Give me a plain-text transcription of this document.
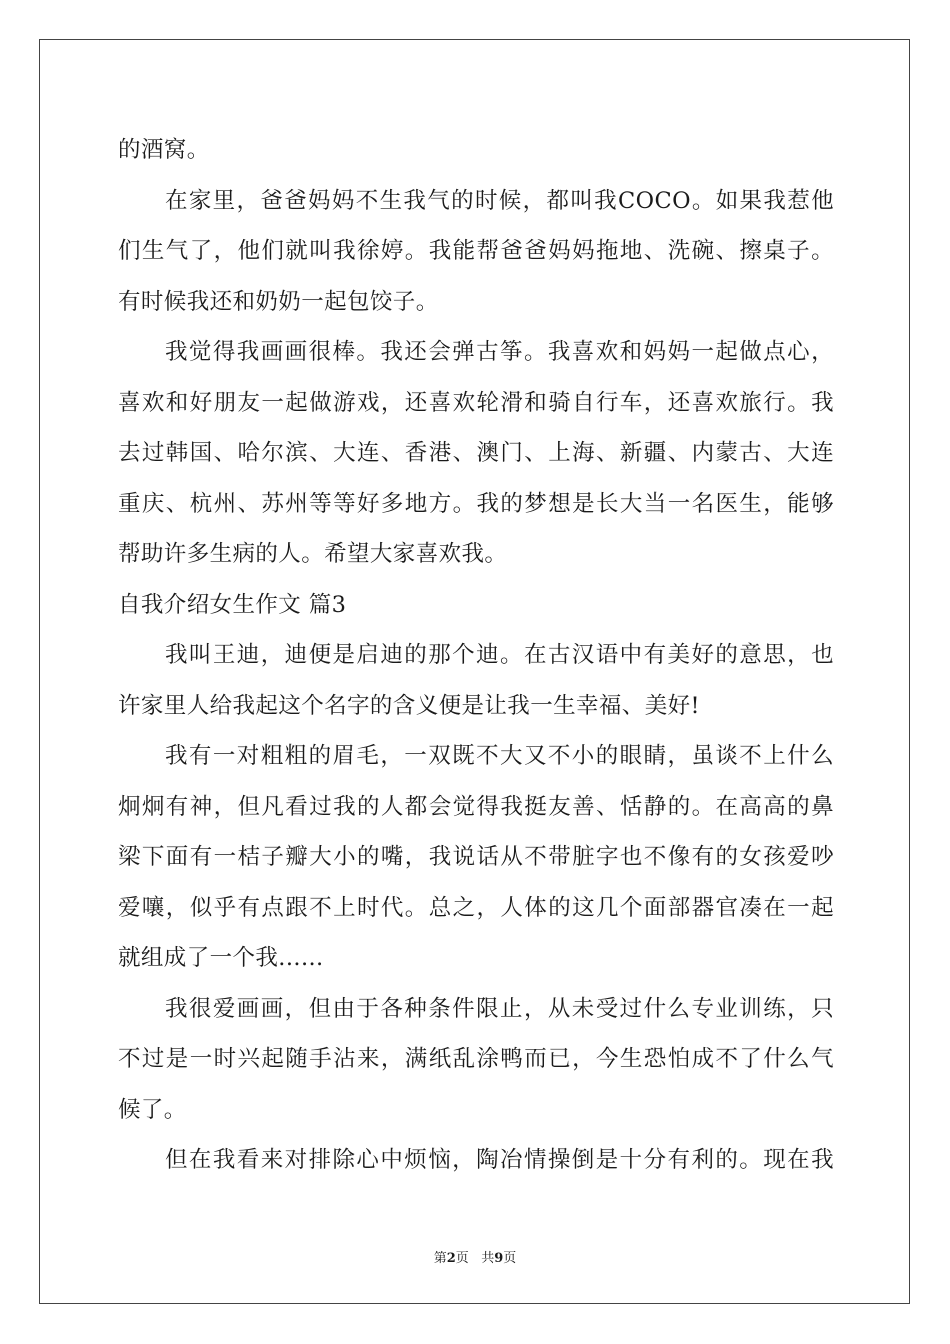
的酒窝。
在家里，爸爸妈妈不生我气的时候，都叫我COCO。如果我惹他
们生气了，他们就叫我徐婷。我能帮爸爸妈妈拖地、洗碗、擦桌子。
有时候我还和奶奶一起包饺子。
我觉得我画画很棒。我还会弹古筝。我喜欢和妈妈一起做点心，
喜欢和好朋友一起做游戏，还喜欢轮滑和骑自行车，还喜欢旅行。我
去过韩国、哈尔滨、大连、香港、澳门、上海、新疆、内蒙古、大连
重庆、杭州、苏州等等好多地方。我的梦想是长大当一名医生，能够
帮助许多生病的人。希望大家喜欢我。
自我介绍女生作文 篇3
我叫王迪，迪便是启迪的那个迪。在古汉语中有美好的意思，也
许家里人给我起这个名字的含义便是让我一生幸福、美好!
我有一对粗粗的眉毛，一双既不大又不小的眼睛，虽谈不上什么
炯炯有神，但凡看过我的人都会觉得我挺友善、恬静的。在高高的鼻
梁下面有一桔子瓣大小的嘴，我说话从不带脏字也不像有的女孩爱吵
爱嚷，似乎有点跟不上时代。总之，人体的这几个面部器官凑在一起
就组成了一个我......
我很爱画画，但由于各种条件限止，从未受过什么专业训练，只
不过是一时兴起随手沾来，满纸乱涂鸭而已，今生恐怕成不了什么气
候了。
但在我看来对排除心中烦恼，陶冶情操倒是十分有利的。现在我
第2页   共9页
